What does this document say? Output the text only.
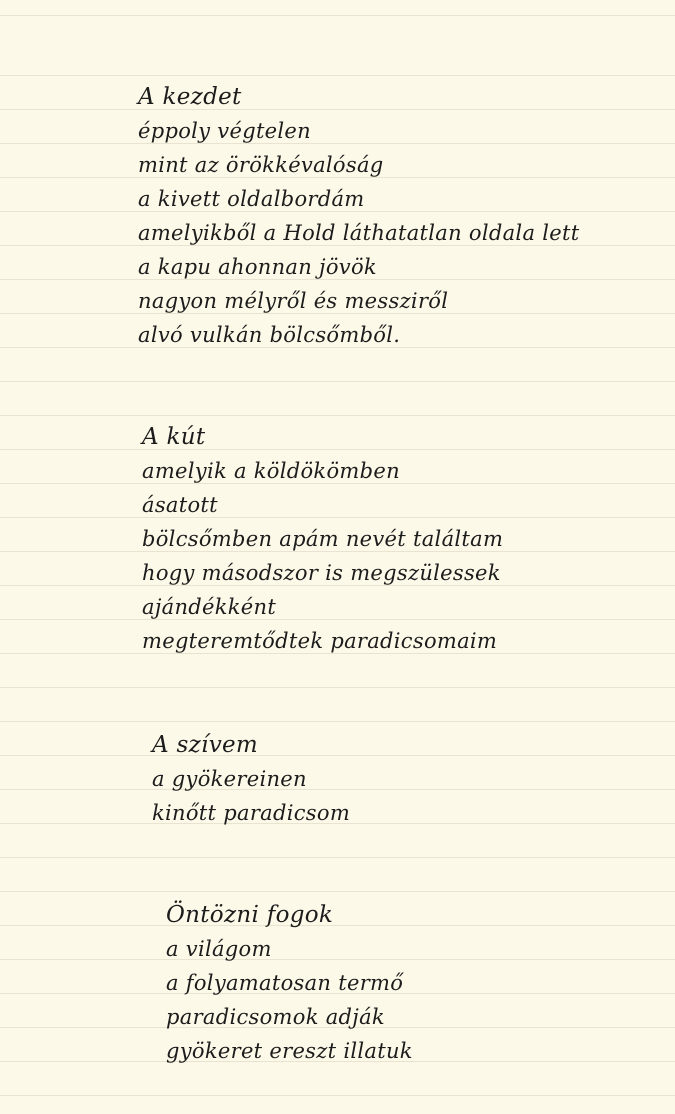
A kezdet
éppoly végtelen
mint az örökkévalóság
a kivett oldalbordám
amelyikből a Hold láthatatlan oldala lett
a kapu ahonnan jövök
nagyon mélyről és messziről
alvó vulkán bölcsőmből.
A kút
amelyik a köldökömben
ásatott
bölcsőmben apám nevét találtam
hogy másodszor is megszülessek
ajándékként
megteremtődtek paradicsomaim
A szívem
a gyökereinen
kinőtt paradicsom
Öntözni fogok
a világom
a folyamatosan termő
paradicsomok adják
gyökeret ereszt illatuk
